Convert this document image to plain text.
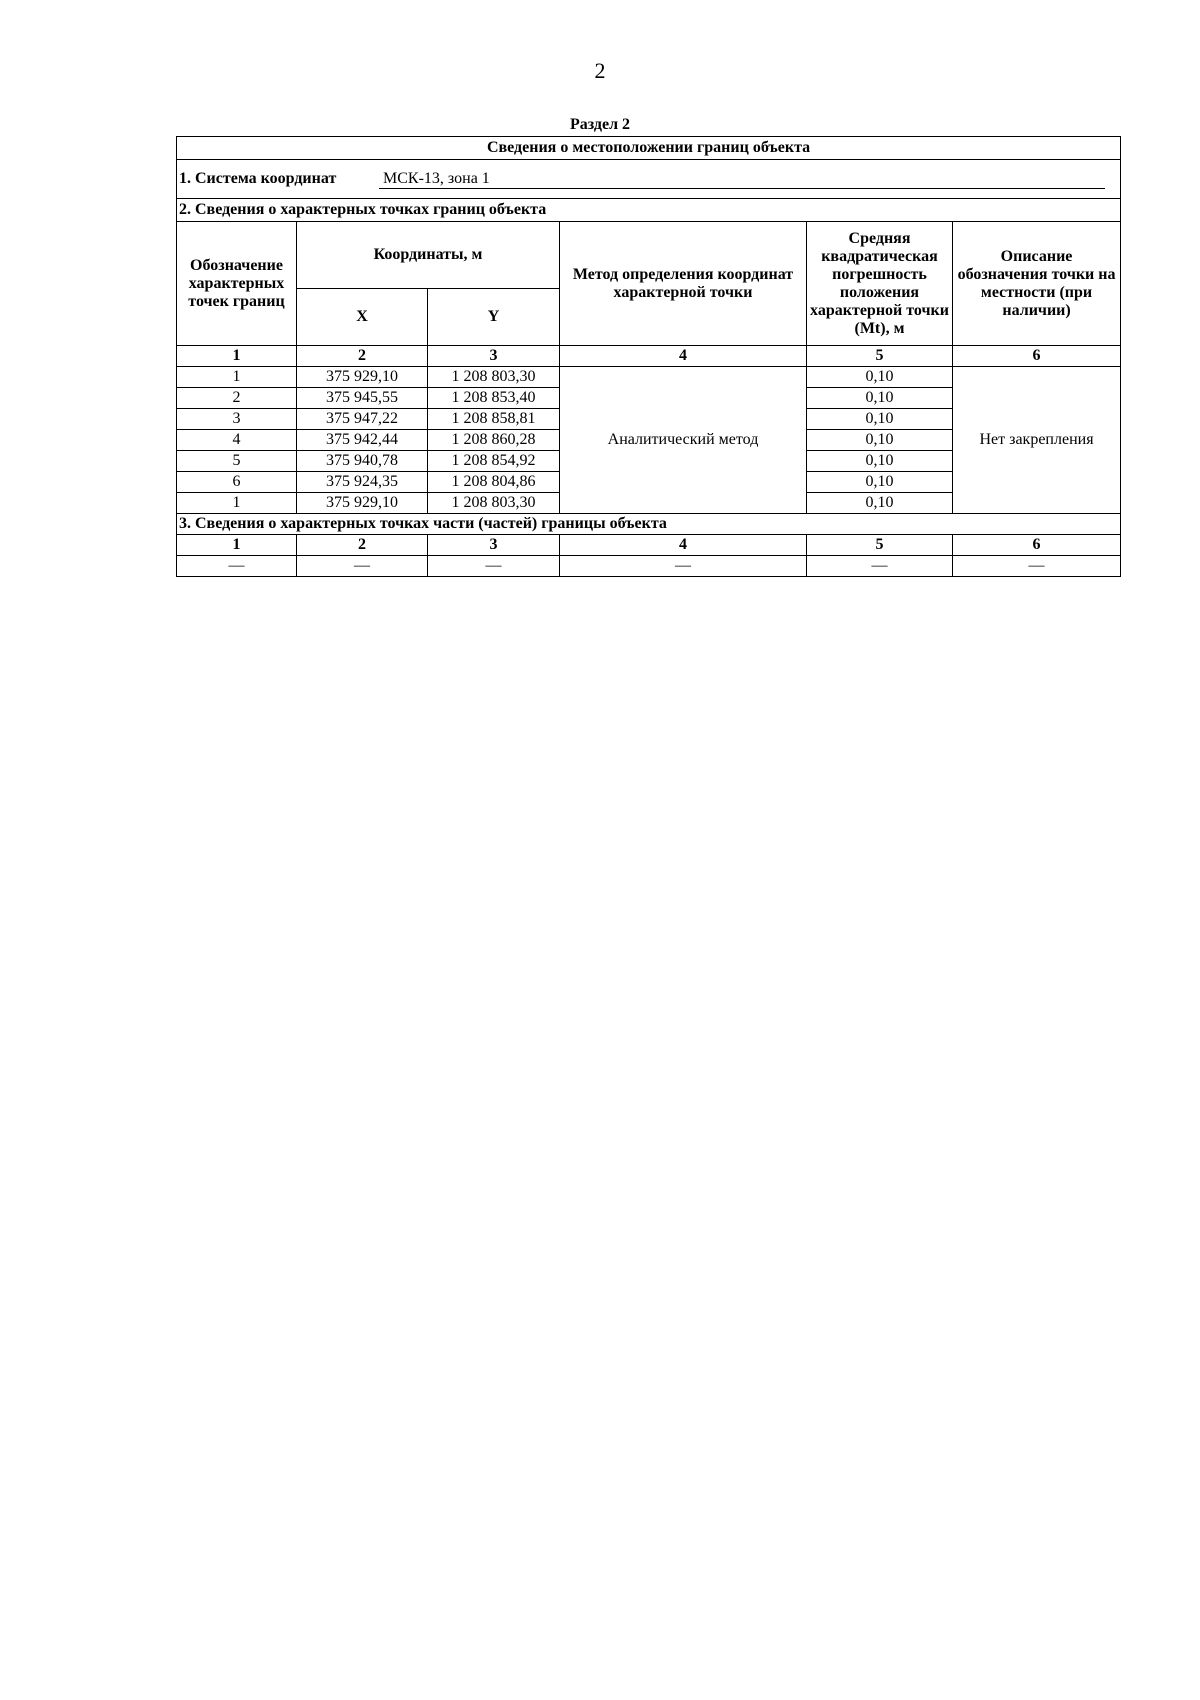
2
Раздел 2
Сведения о местоположении границ объекта					
1. Система координат МСК-13, зона 1					
2. Сведения о характерных точках границ объекта					
Обозначение характерных точек границ	Координаты, м		Метод определения координат характерной точки	Средняя квадратическая погрешность положения характерной точки (Mt), м	Описание обозначения точки на местности (при наличии)
	X	Y			
1	2	3	4	5	6
1	375 929,10	1 208 803,30	Аналитический метод	0,10	Нет закрепления
2	375 945,55	1 208 853,40		0,10	
3	375 947,22	1 208 858,81		0,10	
4	375 942,44	1 208 860,28		0,10	
5	375 940,78	1 208 854,92		0,10	
6	375 924,35	1 208 804,86		0,10	
1	375 929,10	1 208 803,30		0,10	
3. Сведения о характерных точках части (частей) границы объекта					
1	2	3	4	5	6
—	—	—	—	—	—
